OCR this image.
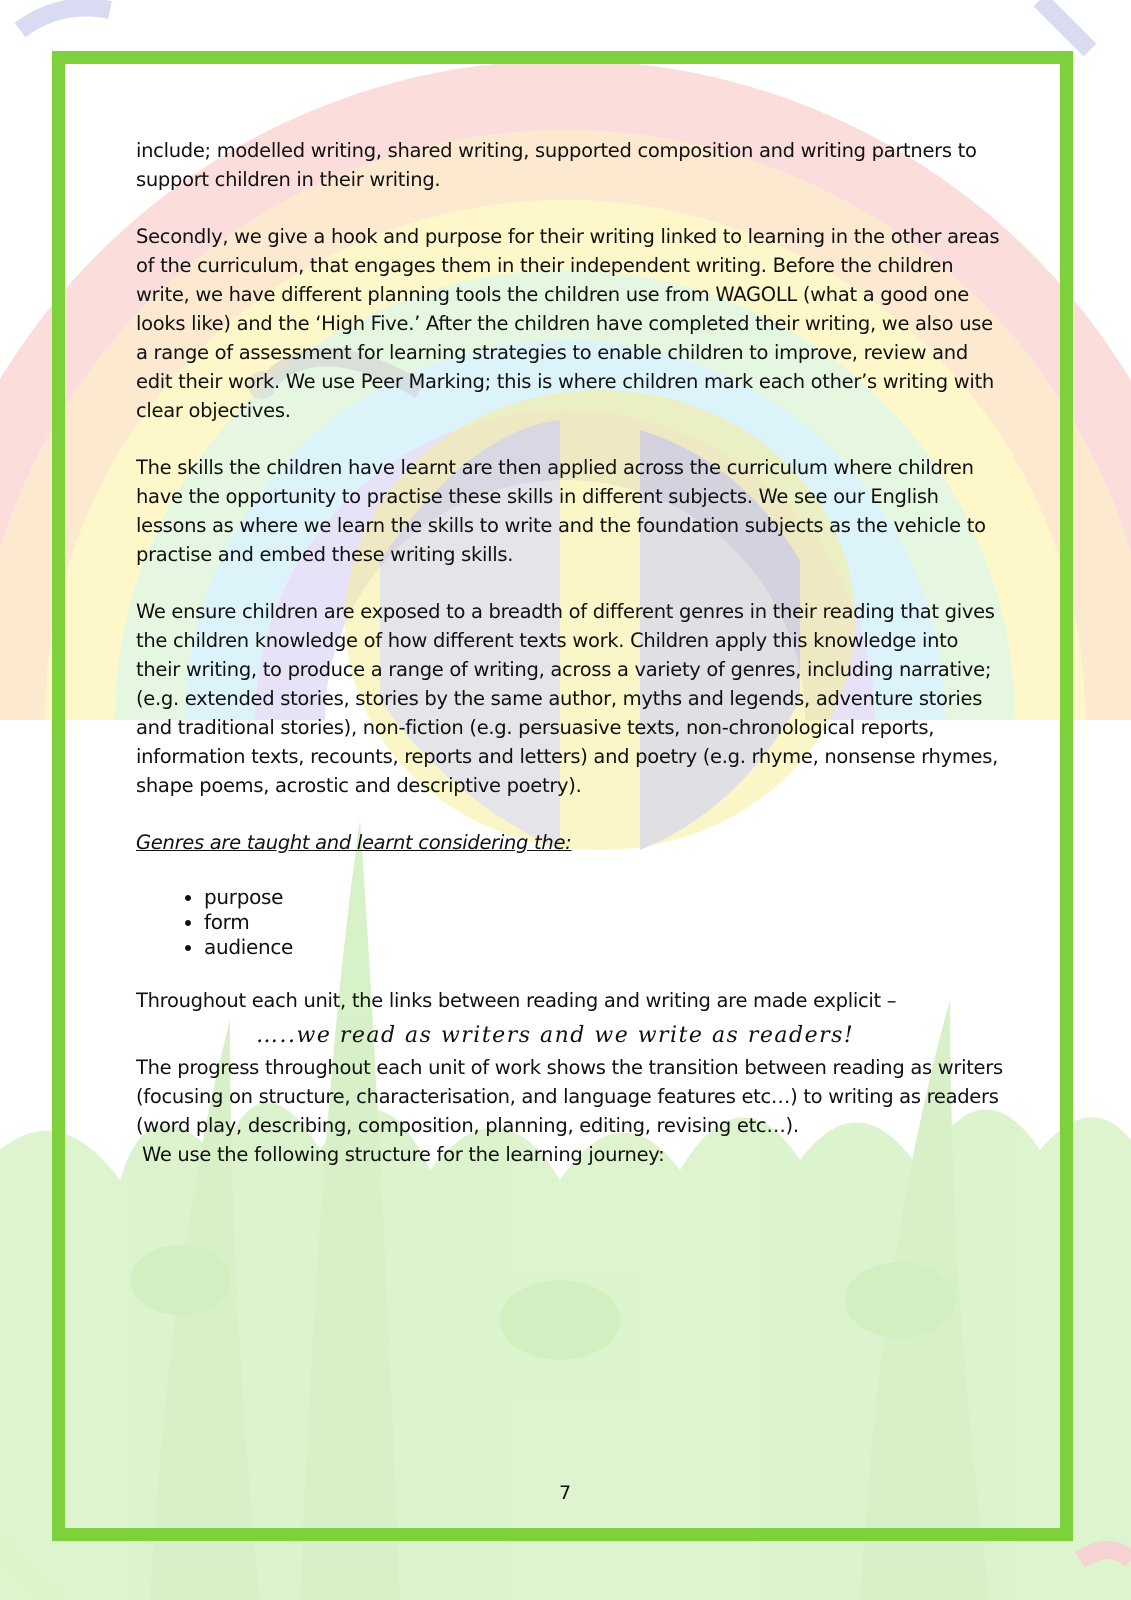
include; modelled writing, shared writing, supported composition and writing partners to support children in their writing.

Secondly, we give a hook and purpose for their writing linked to learning in the other areas of the curriculum, that engages them in their independent writing. Before the children write, we have different planning tools the children use from WAGOLL (what a good one looks like) and the ‘High Five.’ After the children have completed their writing, we also use a range of assessment for learning strategies to enable children to improve, review and edit their work. We use Peer Marking; this is where children mark each other’s writing with clear objectives.

The skills the children have learnt are then applied across the curriculum where children have the opportunity to practise these skills in different subjects. We see our English lessons as where we learn the skills to write and the foundation subjects as the vehicle to practise and embed these writing skills.

We ensure children are exposed to a breadth of different genres in their reading that gives the children knowledge of how different texts work. Children apply this knowledge into their writing, to produce a range of writing, across a variety of genres, including narrative; (e.g. extended stories, stories by the same author, myths and legends, adventure stories and traditional stories), non-fiction (e.g. persuasive texts, non-chronological reports, information texts, recounts, reports and letters) and poetry (e.g. rhyme, nonsense rhymes, shape poems, acrostic and descriptive poetry).

Genres are taught and learnt considering the:

• purpose
• form
• audience

Throughout each unit, the links between reading and writing are made explicit –

…..we read as writers and we write as readers!

The progress throughout each unit of work shows the transition between reading as writers (focusing on structure, characterisation, and language features etc…) to writing as readers (word play, describing, composition, planning, editing, revising etc…).

We use the following structure for the learning journey:

7
